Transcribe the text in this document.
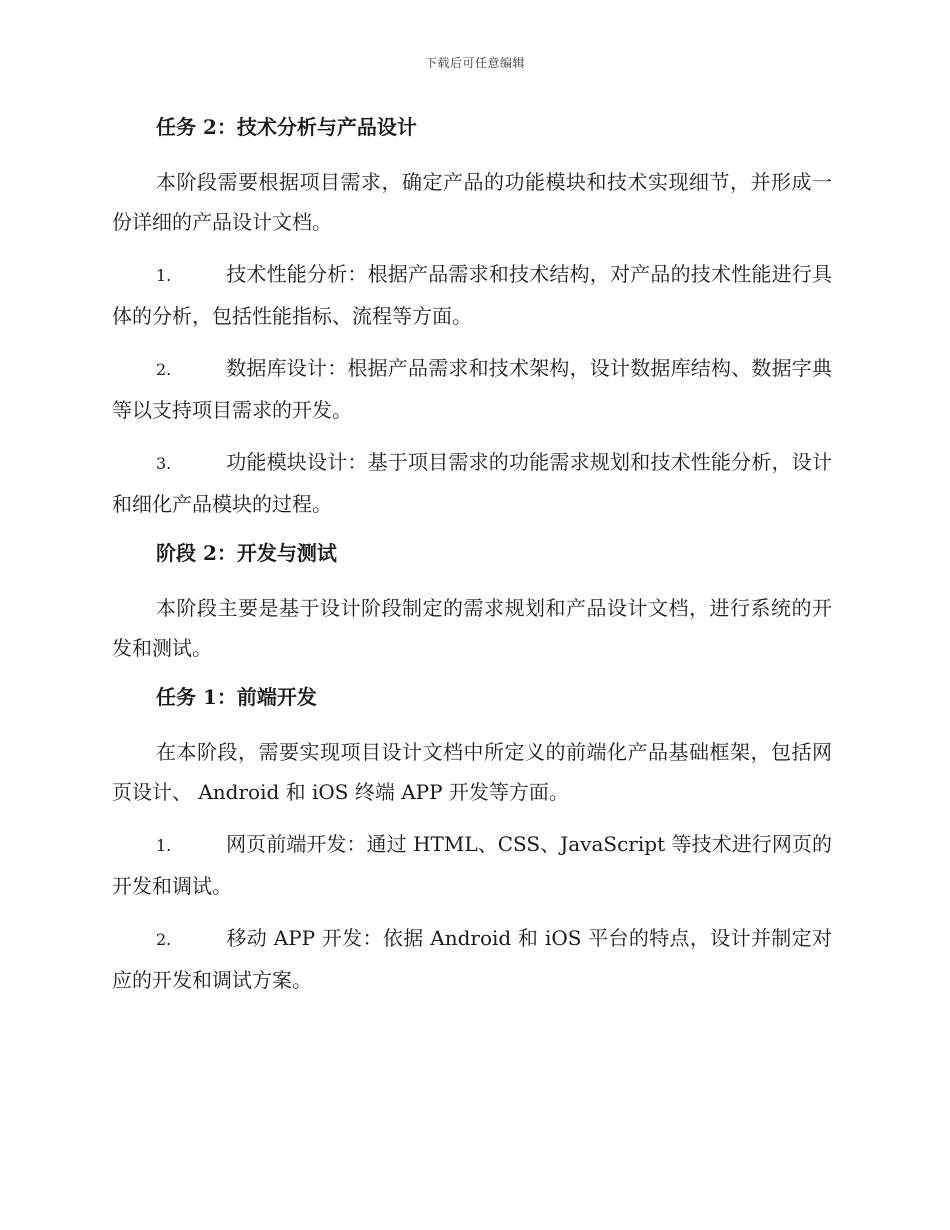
下载后可任意编辑
任务 2：技术分析与产品设计
本阶段需要根据项目需求，确定产品的功能模块和技术实现细节，并形成一份详细的产品设计文档。
1.	技术性能分析：根据产品需求和技术结构，对产品的技术性能进行具体的分析，包括性能指标、流程等方面。
2.	数据库设计：根据产品需求和技术架构，设计数据库结构、数据字典等以支持项目需求的开发。
3.	功能模块设计：基于项目需求的功能需求规划和技术性能分析，设计和细化产品模块的过程。
阶段 2：开发与测试
本阶段主要是基于设计阶段制定的需求规划和产品设计文档，进行系统的开发和测试。
任务 1：前端开发
在本阶段，需要实现项目设计文档中所定义的前端化产品基础框架，包括网页设计、 Android 和 iOS 终端 APP 开发等方面。
1.	网页前端开发：通过 HTML、CSS、JavaScript 等技术进行网页的开发和调试。
2.	移动 APP 开发：依据 Android 和 iOS 平台的特点，设计并制定对应的开发和调试方案。
